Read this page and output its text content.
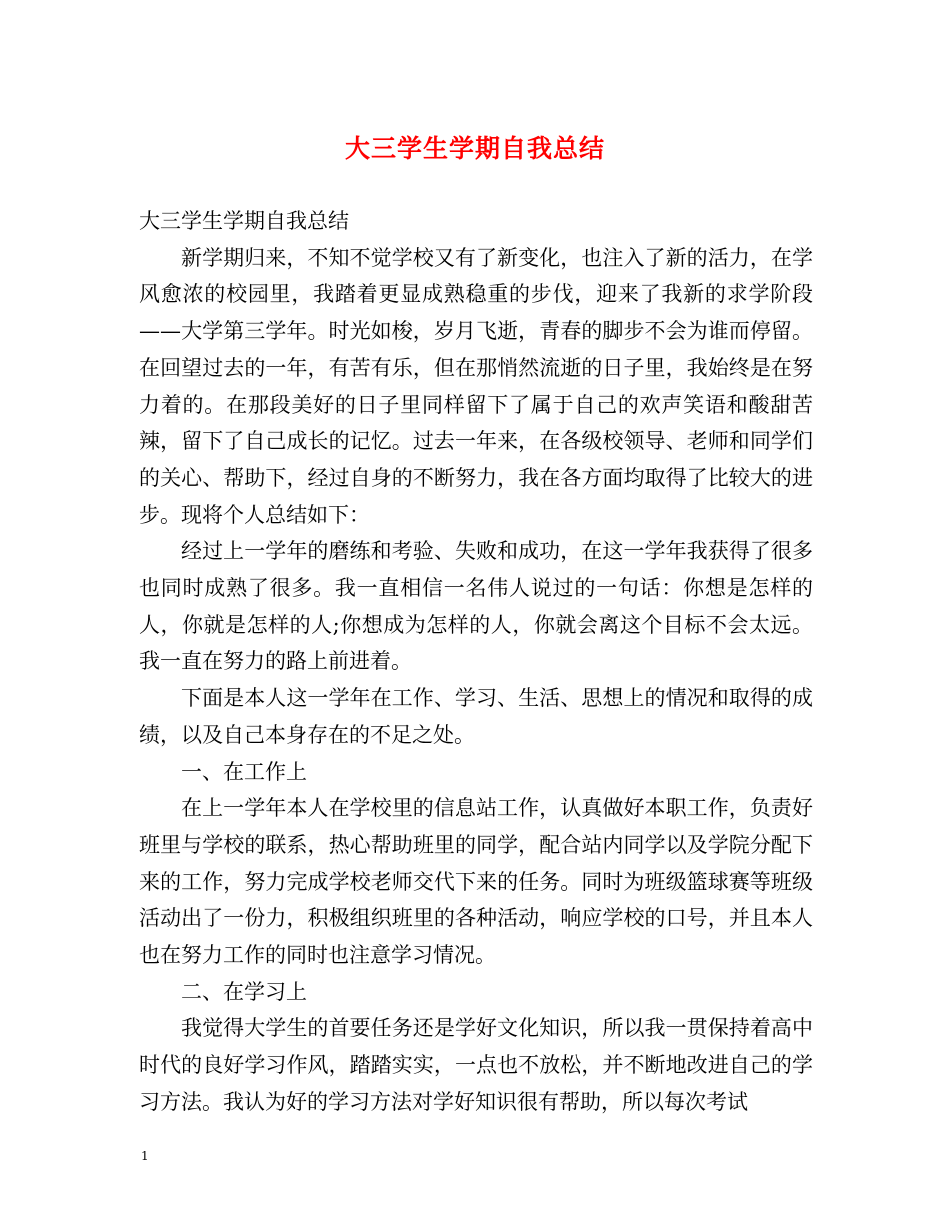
大三学生学期自我总结

大三学生学期自我总结

新学期归来，不知不觉学校又有了新变化，也注入了新的活力，在学风愈浓的校园里，我踏着更显成熟稳重的步伐，迎来了我新的求学阶段——大学第三学年。时光如梭，岁月飞逝，青春的脚步不会为谁而停留。在回望过去的一年，有苦有乐，但在那悄然流逝的日子里，我始终是在努力着的。在那段美好的日子里同样留下了属于自己的欢声笑语和酸甜苦辣，留下了自己成长的记忆。过去一年来，在各级校领导、老师和同学们的关心、帮助下，经过自身的不断努力，我在各方面均取得了比较大的进步。现将个人总结如下：

经过上一学年的磨练和考验、失败和成功，在这一学年我获得了很多也同时成熟了很多。我一直相信一名伟人说过的一句话：你想是怎样的人，你就是怎样的人;你想成为怎样的人，你就会离这个目标不会太远。我一直在努力的路上前进着。

下面是本人这一学年在工作、学习、生活、思想上的情况和取得的成绩，以及自己本身存在的不足之处。

一、在工作上

在上一学年本人在学校里的信息站工作，认真做好本职工作，负责好班里与学校的联系，热心帮助班里的同学，配合站内同学以及学院分配下来的工作，努力完成学校老师交代下来的任务。同时为班级篮球赛等班级活动出了一份力，积极组织班里的各种活动，响应学校的口号，并且本人也在努力工作的同时也注意学习情况。

二、在学习上

我觉得大学生的首要任务还是学好文化知识，所以我一贯保持着高中时代的良好学习作风，踏踏实实，一点也不放松，并不断地改进自己的学习方法。我认为好的学习方法对学好知识很有帮助，所以每次考试

1
